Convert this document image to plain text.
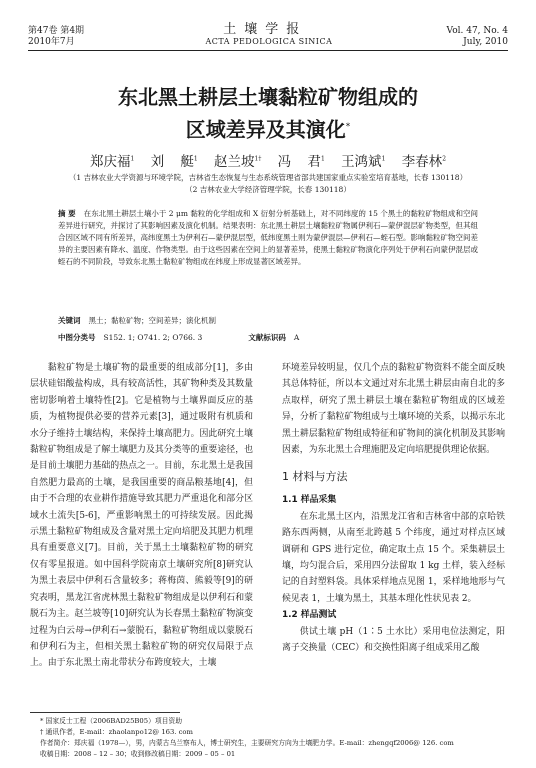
第47卷 第4期	土壤学报	Vol. 47, No. 4
2010年7月	ACTA PEDOLOGICA SINICA	July, 2010
东北黑土耕层土壤黏粒矿物组成的
区域差异及其演化*
郑庆福$^1$ 刘 艇$^1$ 赵兰坡$^{1\dagger}$ 冯 君$^1$ 王鸿斌$^1$ 李春林$^2$
（1 吉林农业大学资源与环境学院，吉林省生态恢复与生态系统管理省部共建国家重点实验室培育基地，长春 130118）
（2 吉林农业大学经济管理学院，长春 130118）
摘 要 在东北黑土耕层土壤小于 2 μm 黏粒的化学组成和 X 衍射分析基础上，对不同纬度的 15 个黑土的黏粒矿物组成和空间差异进行研究，并探讨了其影响因素及演化机制。结果表明：东北黑土耕层土壤黏粒矿物属伊利石—蒙伊混层矿物类型，但其组合因区域不同有所差异，高纬度黑土为伊利石—蒙伊混层型，低纬度黑土则为蒙伊混层—伊利石—蛭石型。影响黏粒矿物空间差异的主要因素有降水、温度、作物类型。由于这些因素在空间上的显著差异，使黑土黏粒矿物演化序列处于伊利石向蒙伊混层或蛭石的不同阶段，导致东北黑土黏粒矿物组成在纬度上形成显著区域差异。
关键词 黑土；黏粒矿物；空间差异；演化机制
中图分类号 S152. 1; O741. 2; O766. 3	文献标识码 A

黏粒矿物是土壤矿物的最重要的组成部分[1]，多由层状硅铝酸盐构成，具有较高活性，其矿物种类及其数量密切影响着土壤特性[2]。它是植物与土壤界面反应的基质，为植物提供必要的营养元素[3]，通过吸附有机质和水分子维持土壤结构，来保持土壤高肥力。因此研究土壤黏粒矿物组成是了解土壤肥力及其分类等的重要途径，也是目前土壤肥力基础的热点之一。目前，东北黑土是我国自然肥力最高的土壤，是我国重要的商品粮基地[4]，但由于不合理的农业耕作措施导致其肥力严重退化和部分区域水土流失[5-6]，严重影响黑土的可持续发展。因此揭示黑土黏粒矿物组成及含量对黑土定向培肥及其肥力机理具有重要意义[7]。目前，关于黑土土壤黏粒矿物的研究仅有零星报道。如中国科学院南京土壤研究所[8]研究认为黑土表层中伊利石含量较多；蒋梅茵、熊毅等[9]的研究表明，黑龙江省虎林黑土黏粒矿物组成是以伊利石和蒙脱石为主。赵兰坡等[10]研究认为长春黑土黏粒矿物演变过程为白云母→伊利石→蒙脱石，黏粒矿物组成以蒙脱石和伊利石为主，但相关黑土黏粒矿物的研究仅局限于点上。由于东北黑土南北带状分布跨度较大，土壤

环境差异较明显，仅几个点的黏粒矿物资料不能全面反映其总体特征，所以本文通过对东北黑土耕层由南自北的多点取样，研究了黑土耕层土壤在黏粒矿物组成的区域差异，分析了黏粒矿物组成与土壤环境的关系，以揭示东北黑土耕层黏粒矿物组成特征和矿物间的演化机制及其影响因素，为东北黑土合理施肥及定向培肥提供理论依据。

1 材料与方法
1.1 样品采集

在东北黑土区内，沿黑龙江省和吉林省中部的京哈铁路东西两侧，从南至北跨越 5 个纬度，通过对样点区域调研和 GPS 进行定位，确定取土点 15 个。采集耕层土壤，均匀混合后，采用四分法留取 1 kg 土样，装入经标记的自封塑料袋。具体采样地点见图 1，采样地地形与气候见表 1，土壤为黑土，其基本理化性状见表 2。

1.2 样品测试

供试土壤 pH（1∶5 土水比）采用电位法测定，阳离子交换量（CEC）和交换性阳离子组成采用乙酸

* 国家反士工程（2006BAD25B05）项目资助
† 通讯作者，E-mail：zhaolanpo12@ 163. com
作者简介：郑庆福（1978—），男，内蒙古乌兰察布人，博士研究生，主要研究方向为土壤肥力学。E-mail：zhengqf2006@ 126. com
收稿日期：2008 – 12 – 30；收到修改稿日期：2009 – 05 – 01
